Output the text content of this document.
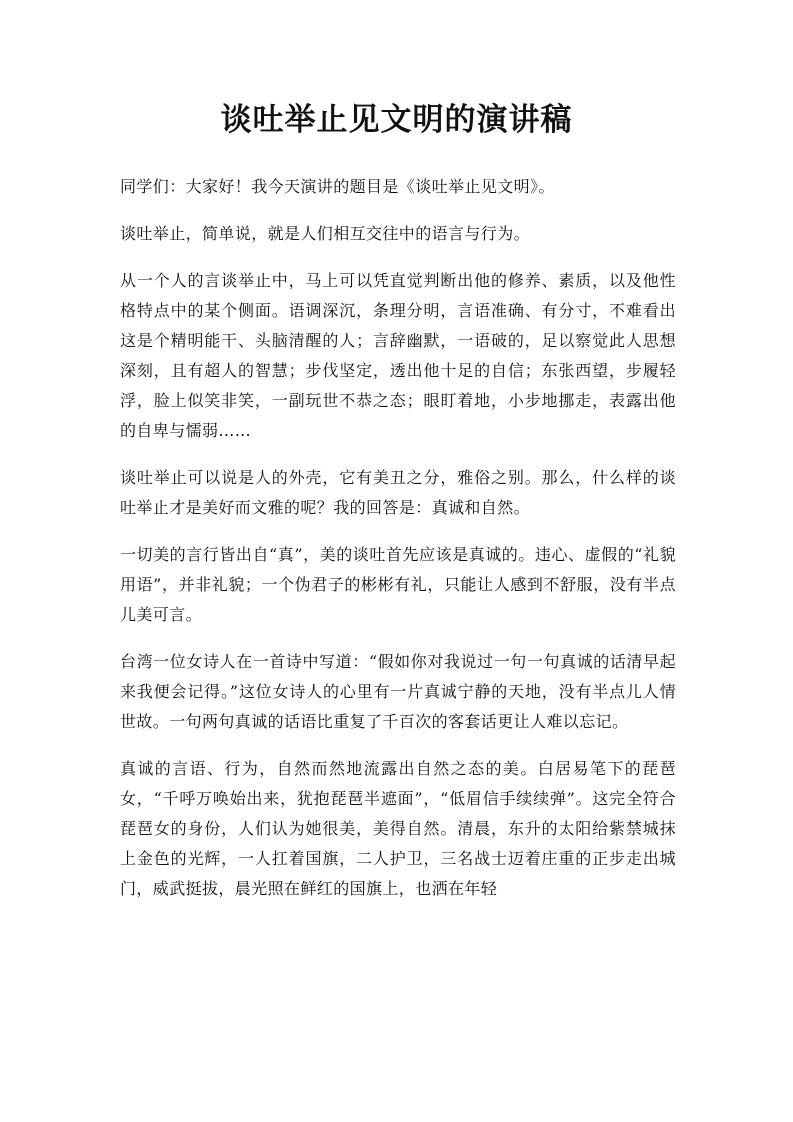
谈吐举止见文明的演讲稿

同学们：大家好！我今天演讲的题目是《谈吐举止见文明》。

谈吐举止，简单说，就是人们相互交往中的语言与行为。

从一个人的言谈举止中，马上可以凭直觉判断出他的修养、素质，以及他性格特点中的某个侧面。语调深沉，条理分明，言语准确、有分寸，不难看出这是个精明能干、头脑清醒的人；言辞幽默，一语破的，足以察觉此人思想深刻，且有超人的智慧；步伐坚定，透出他十足的自信；东张西望，步履轻浮，脸上似笑非笑，一副玩世不恭之态；眼盯着地，小步地挪走，表露出他的自卑与懦弱……

谈吐举止可以说是人的外壳，它有美丑之分，雅俗之别。那么，什么样的谈吐举止才是美好而文雅的呢？我的回答是：真诚和自然。

一切美的言行皆出自“真”，美的谈吐首先应该是真诚的。违心、虚假的“礼貌用语”，并非礼貌；一个伪君子的彬彬有礼，只能让人感到不舒服，没有半点儿美可言。

台湾一位女诗人在一首诗中写道：“假如你对我说过一句一句真诚的话清早起来我便会记得。”这位女诗人的心里有一片真诚宁静的天地，没有半点儿人情世故。一句两句真诚的话语比重复了千百次的客套话更让人难以忘记。

真诚的言语、行为，自然而然地流露出自然之态的美。白居易笔下的琵琶女，“千呼万唤始出来，犹抱琵琶半遮面”，“低眉信手续续弹”。这完全符合琵琶女的身份，人们认为她很美，美得自然。清晨，东升的太阳给紫禁城抹上金色的光辉，一人扛着国旗，二人护卫，三名战士迈着庄重的正步走出城门，威武挺拔，晨光照在鲜红的国旗上，也洒在年轻
